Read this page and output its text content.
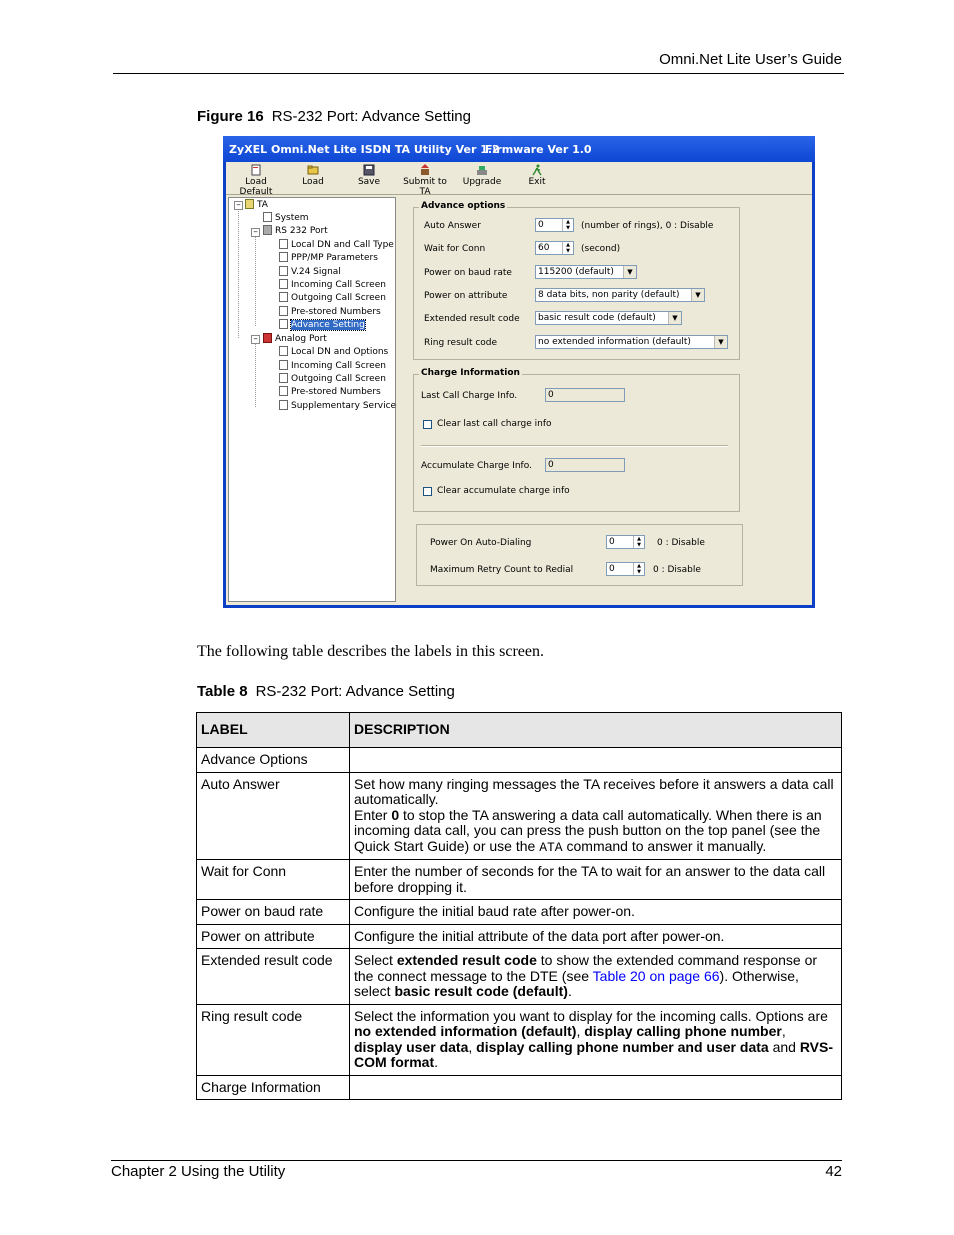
Omni.Net Lite User’s Guide
Figure 16 RS-232 Port: Advance Setting
ZyXEL Omni.Net Lite ISDN TA Utility Ver 1.2
Firmware Ver 1.0
Load Default
Load	Save	Submit to TA
Upgrade	Exit
−
−
−
TA
System
RS 232 Port
Local DN and Call Type
PPP/MP Parameters
V.24 Signal
Incoming Call Screen
Outgoing Call Screen
Pre-stored Numbers
Advance Setting
Analog Port
Local DN and Options
Incoming Call Screen
Outgoing Call Screen
Pre-stored Numbers
Supplementary Service
Advance options
Auto Answer	0	▲
▼	(number of rings), 0 : Disable
Wait for Conn	60	▲
▼	(second)
Power on baud rate	115200 (default)	▼
Power on attribute	8 data bits, non parity (default)	▼
Extended result code	basic result code (default)	▼
Ring result code	no extended information (default)	▼
Charge Information
Last Call Charge Info.	0
Clear last call charge info
Accumulate Charge Info.	0
Clear accumulate charge info
Power On Auto-Dialing	0	▲
▼	0 : Disable
Maximum Retry Count to Redial	0	▲
▼	0 : Disable
The following table describes the labels in this screen.
Table 8 RS-232 Port: Advance Setting
LABEL	DESCRIPTION
Advance Options	
Auto Answer	Set how many ringing messages the TA receives before it answers a data call automatically.
Enter 0 to stop the TA answering a data call automatically. When there is an incoming data call, you can press the push button on the top panel (see the Quick Start Guide) or use the ATA command to answer it manually.
Wait for Conn	Enter the number of seconds for the TA to wait for an answer to the data call before dropping it.
Power on baud rate	Configure the initial baud rate after power-on.
Power on attribute	Configure the initial attribute of the data port after power-on.
Extended result code	Select extended result code to show the extended command response or the connect message to the DTE (see Table 20 on page 66). Otherwise, select basic result code (default).
Ring result code	Select the information you want to display for the incoming calls. Options are no extended information (default), display calling phone number, display user data, display calling phone number and user data and RVS-COM format.
Charge Information	
Chapter 2 Using the Utility	42
